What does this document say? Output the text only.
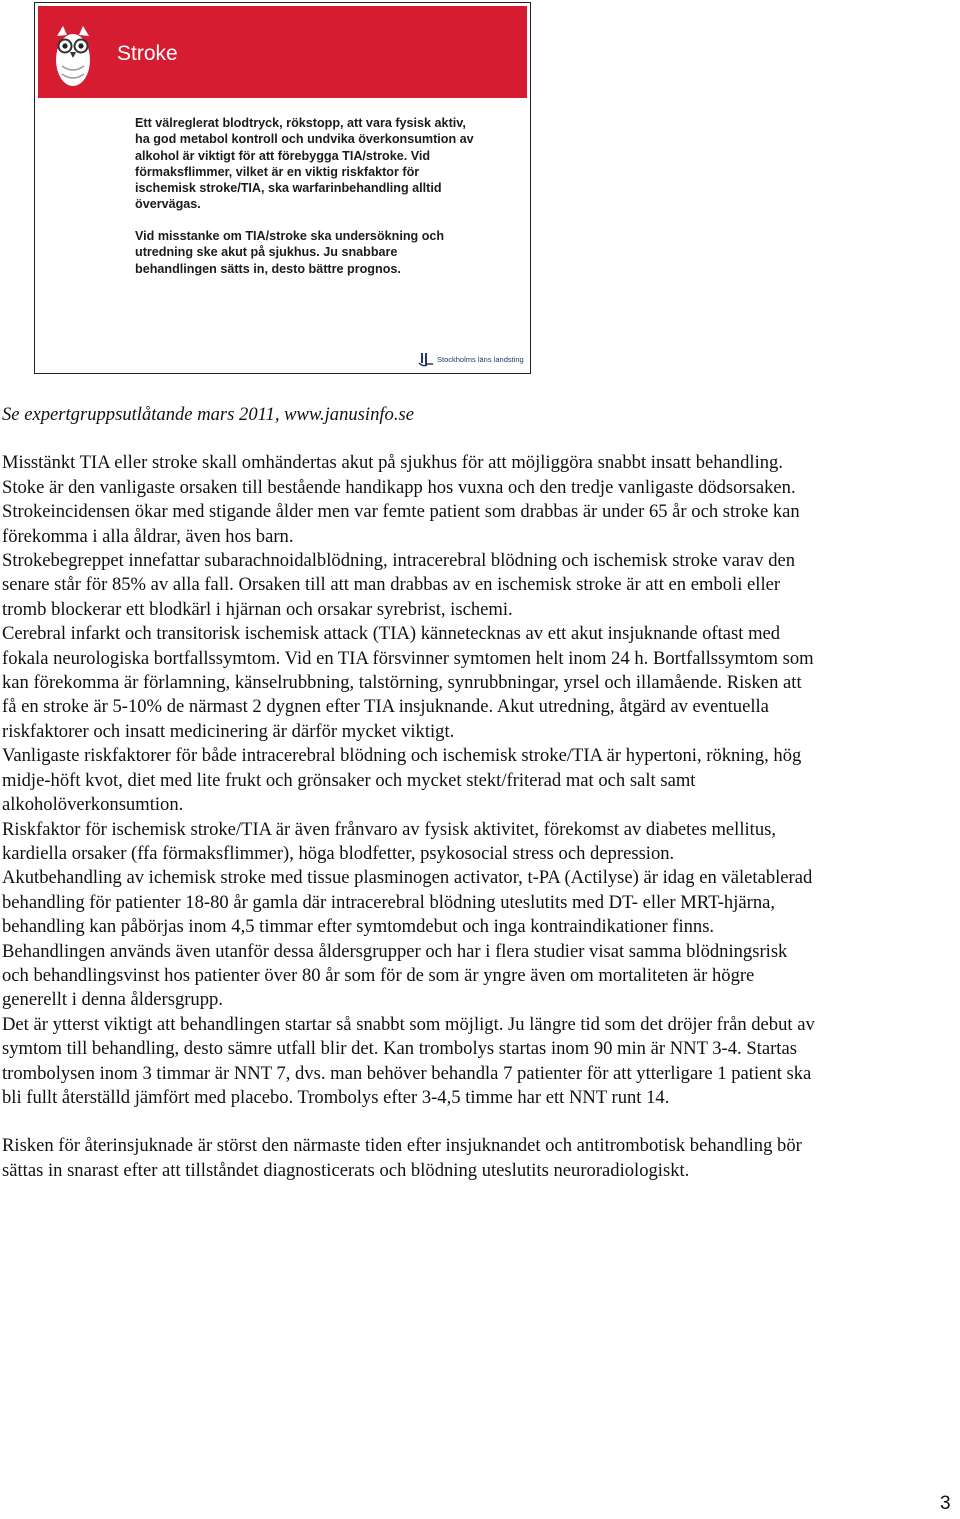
Stroke
Ett välreglerat blodtryck, rökstopp, att vara fysisk aktiv, ha god metabol kontroll och undvika överkonsumtion av alkohol är viktigt för att förebygga TIA/stroke. Vid förmaksflimmer, vilket är en viktig riskfaktor för ischemisk stroke/TIA, ska warfarinbehandling alltid övervägas.
Vid misstanke om TIA/stroke ska undersökning och utredning ske akut på sjukhus. Ju snabbare behandlingen sätts in, desto bättre prognos.
Stockholms läns landsting

Se expertgruppsutlåtande mars 2011, www.janusinfo.se

Misstänkt TIA eller stroke skall omhändertas akut på sjukhus för att möjliggöra snabbt insatt behandling.

Stoke är den vanligaste orsaken till bestående handikapp hos vuxna och den tredje vanligaste dödsorsaken. Strokeincidensen ökar med stigande ålder men var femte patient som drabbas är under 65 år och stroke kan förekomma i alla åldrar, även hos barn.

Strokebegreppet innefattar subarachnoidalblödning, intracerebral blödning och ischemisk stroke varav den senare står för 85% av alla fall. Orsaken till att man drabbas av en ischemisk stroke är att en emboli eller tromb blockerar ett blodkärl i hjärnan och orsakar syrebrist, ischemi.

Cerebral infarkt och transitorisk ischemisk attack (TIA) kännetecknas av ett akut insjuknande oftast med fokala neurologiska bortfallssymtom. Vid en TIA försvinner symtomen helt inom 24 h. Bortfallssymtom som kan förekomma är förlamning, känselrubbning, talstörning, synrubbningar, yrsel och illamående. Risken att få en stroke är 5-10% de närmast 2 dygnen efter TIA insjuknande. Akut utredning, åtgärd av eventuella riskfaktorer och insatt medicinering är därför mycket viktigt.

Vanligaste riskfaktorer för både intracerebral blödning och ischemisk stroke/TIA är hypertoni, rökning, hög midje-höft kvot, diet med lite frukt och grönsaker och mycket stekt/friterad mat och salt samt alkoholöverkonsumtion.

Riskfaktor för ischemisk stroke/TIA är även frånvaro av fysisk aktivitet, förekomst av diabetes mellitus, kardiella orsaker (ffa förmaksflimmer), höga blodfetter, psykosocial stress och depression.

Akutbehandling av ichemisk stroke med tissue plasminogen activator, t-PA (Actilyse) är idag en väletablerad behandling för patienter 18-80 år gamla där intracerebral blödning uteslutits med DT- eller MRT-hjärna, behandling kan påbörjas inom 4,5 timmar efter symtomdebut och inga kontraindikationer finns. Behandlingen används även utanför dessa åldersgrupper och har i flera studier visat samma blödningsrisk och behandlingsvinst hos patienter över 80 år som för de som är yngre även om mortaliteten är högre generellt i denna åldersgrupp.

Det är ytterst viktigt att behandlingen startar så snabbt som möjligt. Ju längre tid som det dröjer från debut av symtom till behandling, desto sämre utfall blir det. Kan trombolys startas inom 90 min är NNT 3-4. Startas trombolysen inom 3 timmar är NNT 7, dvs. man behöver behandla 7 patienter för att ytterligare 1 patient ska bli fullt återställd jämfört med placebo. Trombolys efter 3-4,5 timme har ett NNT runt 14.

Risken för återinsjuknade är störst den närmaste tiden efter insjuknandet och antitrombotisk behandling bör sättas in snarast efter att tillståndet diagnosticerats och blödning uteslutits neuroradiologiskt.

3
